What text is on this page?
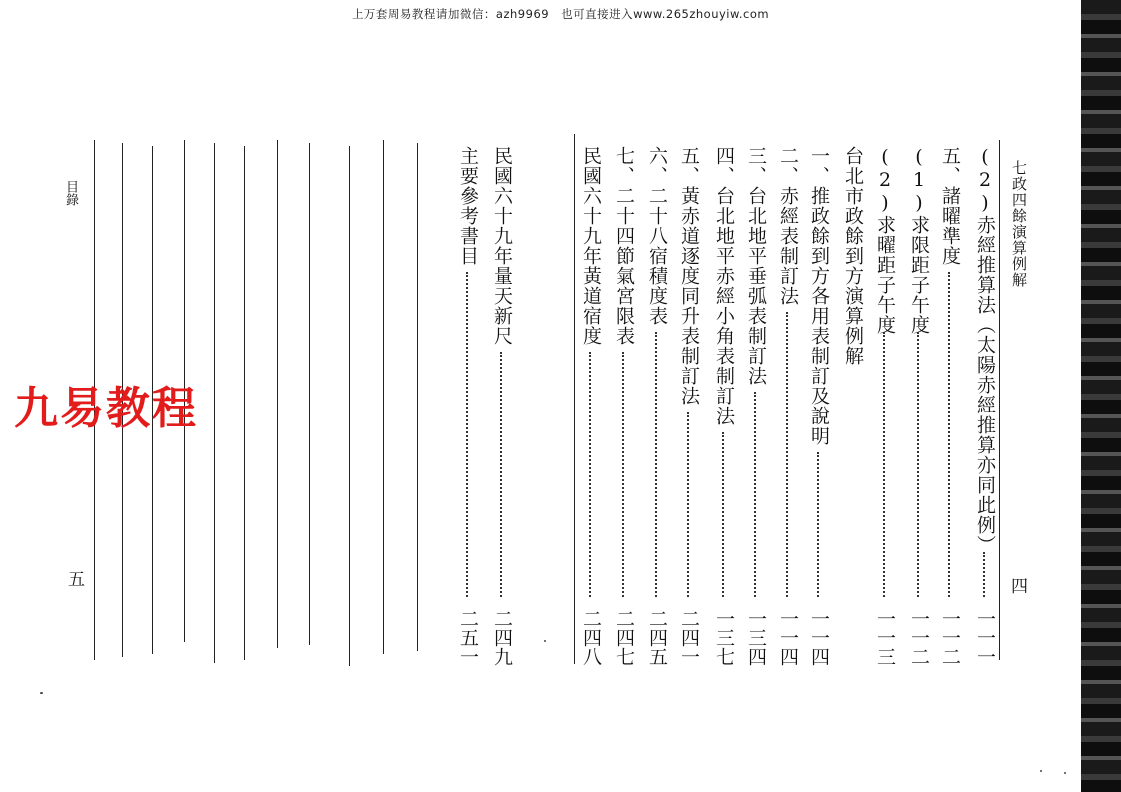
上万套周易教程请加微信：azh9969　也可直接进入www.265zhouyiw.com
七政四餘演算例解
四
(2)赤經推算法（太陽赤經推算亦同此例）
一一一
五、諸曜準度
一一二
(1)求限距子午度
一一二
(2)求曜距子午度
一一三
台北市政餘到方演算例解
一、推政餘到方各用表制訂及說明
一一四
二、赤經表制訂法
一一四
三、台北地平垂弧表制訂法
一三四
四、台北地平赤經小角表制訂法
一三七
五、黃赤道逐度同升表制訂法
二四一
六、二十八宿積度表
二四五
七、二十四節氣宮限表
二四七
民國六十九年黃道宿度
二四八
目錄
五
民國六十九年量天新尺
二四九
主要參考書目
二五一
九易教程
